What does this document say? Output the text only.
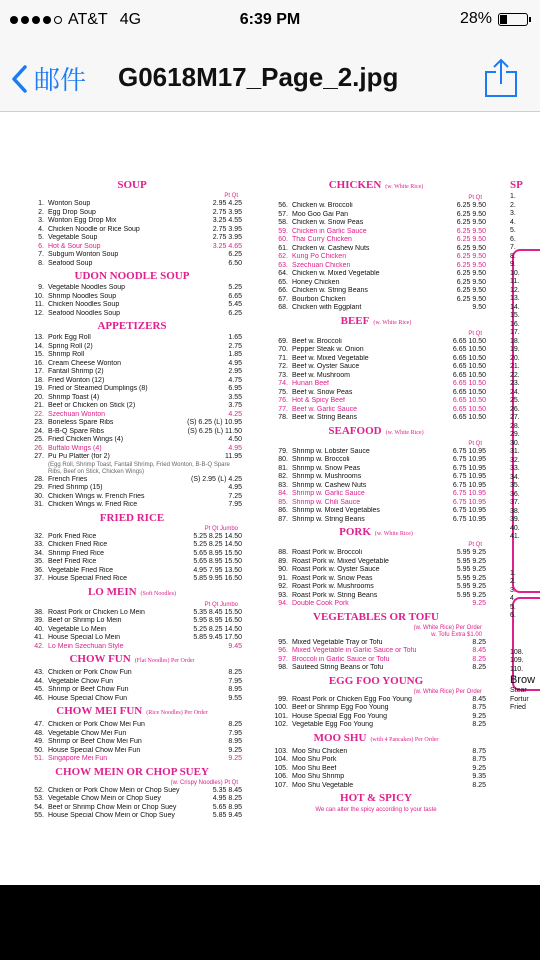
AT&T 4G	6:39 PM	28%
邮件 G0618M17_Page_2.jpg
SOUP
Pt Qt
1. Wonton Soup	2.95 4.25
2. Egg Drop Soup	2.75 3.95
3. Wonton Egg Drop Mix	3.25 4.55
4. Chicken Noodle or Rice Soup	2.75 3.95
5. Vegetable Soup	2.75 3.95
6. Hot & Sour Soup	3.25 4.65
7. Subgum Wonton Soup	6.25
8. Seafood Soup	6.50
UDON NOODLE SOUP
9. Vegetable Noodles Soup	5.25
10. Shrimp Noodles Soup	6.65
11. Chicken Noodles Soup	5.45
12. Seafood Noodles Soup	6.25
APPETIZERS
13. Pork Egg Roll	1.65
14. Spring Roll (2)	2.75
15. Shrimp Roll	1.85
16. Cream Cheese Wonton	4.95
17. Fantail Shrimp (2)	2.95
18. Fried Wonton (12)	4.75
19. Fried or Steamed Dumplings (8)	6.95
20. Shrimp Toast (4)	3.55
21. Beef or Chicken on Stick (2)	3.75
22. Szechuan Wonton	4.25
23. Boneless Spare Ribs	(S) 6.25 (L) 10.95
24. B-B-Q Spare Ribs	(S) 6.25 (L) 11.50
25. Fried Chicken Wings (4)	4.50
26. Buffalo Wings (4)	4.95
27. Pu Pu Platter (for 2)	11.95
(Egg Roll, Shrimp Toast, Fantail Shrimp, Fried Wonton, B-B-Q Spare Ribs, Beef on Stick, Chicken Wings)
28. French Fries	(S) 2.95 (L) 4.25
29. Fried Shrimp (15)	4.95
30. Chicken Wings w. French Fries	7.25
31. Chicken Wings w. Fried Rice	7.95
FRIED RICE
Pt Qt Jumbo
32. Pork Fried Rice	5.25 8.25 14.50
33. Chicken Fried Rice	5.25 8.25 14.50
34. Shrimp Fried Rice	5.65 8.95 15.50
35. Beef Fried Rice	5.65 8.95 15.50
36. Vegetable Fried Rice	4.95 7.95 13.50
37. House Special Fried Rice	5.85 9.95 16.50
LO MEIN (Soft Noodles)
Pt Qt Jumbo
38. Roast Pork or Chicken Lo Mein	5.35 8.45 15.50
39. Beef or Shrimp Lo Mein	5.95 8.95 16.50
40. Vegetable Lo Mein	5.25 8.25 14.50
41. House Special Lo Mein	5.85 9.45 17.50
42. Lo Mein Szechuan Style	9.45
CHOW FUN (Flat Noodles) Per Order
43. Chicken or Pork Chow Fun	8.25
44. Vegetable Chow Fun	7.95
45. Shrimp or Beef Chow Fun	8.95
46. House Special Chow Fun	9.55
CHOW MEI FUN (Rice Noodles) Per Order
47. Chicken or Pork Chow Mei Fun	8.25
48. Vegetable Chow Mei Fun	7.95
49. Shrimp or Beef Chow Mei Fun	8.95
50. House Special Chow Mei Fun	9.25
51. Singapore Mei Fun	9.25
CHOW MEIN OR CHOP SUEY
(w. Crispy Noodles) Pt Qt
52. Chicken or Pork Chow Mein or Chop Suey	5.35 8.45
53. Vegetable Chow Mein or Chop Suey	4.95 8.25
54. Beef or Shrimp Chow Mein or Chop Suey	5.65 8.95
55. House Special Chow Mein or Chop Suey	5.85 9.45
CHICKEN (w. White Rice)
Pt Qt
56. Chicken w. Broccoli	6.25 9.50
57. Moo Goo Gai Pan	6.25 9.50
58. Chicken w. Snow Peas	6.25 9.50
59. Chicken in Garlic Sauce	6.25 9.50
60. Thai Curry Chicken	6.25 9.50
61. Chicken w. Cashew Nuts	6.25 9.50
62. Kung Po Chicken	6.25 9.50
63. Szechuan Chicken	6.25 9.50
64. Chicken w. Mixed Vegetable	6.25 9.50
65. Honey Chicken	6.25 9.50
66. Chicken w. String Beans	6.25 9.50
67. Bourbon Chicken	6.25 9.50
68. Chicken with Eggplant	9.50
BEEF (w. White Rice)
Pt Qt
69. Beef w. Broccoli	6.65 10.50
70. Pepper Steak w. Onion	6.65 10.50
71. Beef w. Mixed Vegetable	6.65 10.50
72. Beef w. Oyster Sauce	6.65 10.50
73. Beef w. Mushroom	6.65 10.50
74. Hunan Beef	6.65 10.50
75. Beef w. Snow Peas	6.65 10.50
76. Hot & Spicy Beef	6.65 10.50
77. Beef w. Garlic Sauce	6.65 10.50
78. Beef w. String Beans	6.65 10.50
SEAFOOD (w. White Rice)
Pt Qt
79. Shrimp w. Lobster Sauce	6.75 10.95
80. Shrimp w. Broccoli	6.75 10.95
81. Shrimp w. Snow Peas	6.75 10.95
82. Shrimp w. Mushrooms	6.75 10.95
83. Shrimp w. Cashew Nuts	6.75 10.95
84. Shrimp w. Garlic Sauce	6.75 10.95
85. Shrimp w. Chili Sauce	6.75 10.95
86. Shrimp w. Mixed Vegetables	6.75 10.95
87. Shrimp w. String Beans	6.75 10.95
PORK (w. White Rice)
Pt Qt
88. Roast Pork w. Broccoli	5.95 9.25
89. Roast Pork w. Mixed Vegetable	5.95 9.25
90. Roast Pork w. Oyster Sauce	5.95 9.25
91. Roast Pork w. Snow Peas	5.95 9.25
92. Roast Pork w. Mushrooms	5.95 9.25
93. Roast Pork w. String Beans	5.95 9.25
94. Double Cook Pork	9.25
VEGETABLES OR TOFU
(w. White Rice) Per Order
w. Tofu Extra $1.00
95. Mixed Vegetable Tray or Tofu	8.25
96. Mixed Vegetable in Garlic Sauce or Tofu	8.45
97. Broccoli in Garlic Sauce or Tofu	8.25
98. Sauteed String Beans or Tofu	8.25
EGG FOO YOUNG
(w. White Rice) Per Order
99. Roast Pork or Chicken Egg Foo Young	8.45
100. Beef or Shrimp Egg Foo Young	8.75
101. House Special Egg Foo Young	9.25
102. Vegetable Egg Foo Young	8.25
MOO SHU (with 4 Pancakes) Per Order
103. Moo Shu Chicken	8.75
104. Moo Shu Pork	8.75
105. Moo Shu Beef	9.25
106. Moo Shu Shrimp	9.35
107. Moo Shu Vegetable	8.25
HOT & SPICY
We can alter the spicy according to your taste
SP
1.
2.
3.
4.
5.
6.
7.
8.
9.
10.
11.
12.
13.
14.
15.
16.
17.
18.
19.
20.
21.
22.
23.
24.
25.
26.
27.
28.
29.
30.
31.
32.
33.
34.
35.
36.
37.
38.
39.
40.
41.
1.
2.
3.
4.
5.
6.
108.
109.
110.
Brow
Stear
Fortur
Fried
